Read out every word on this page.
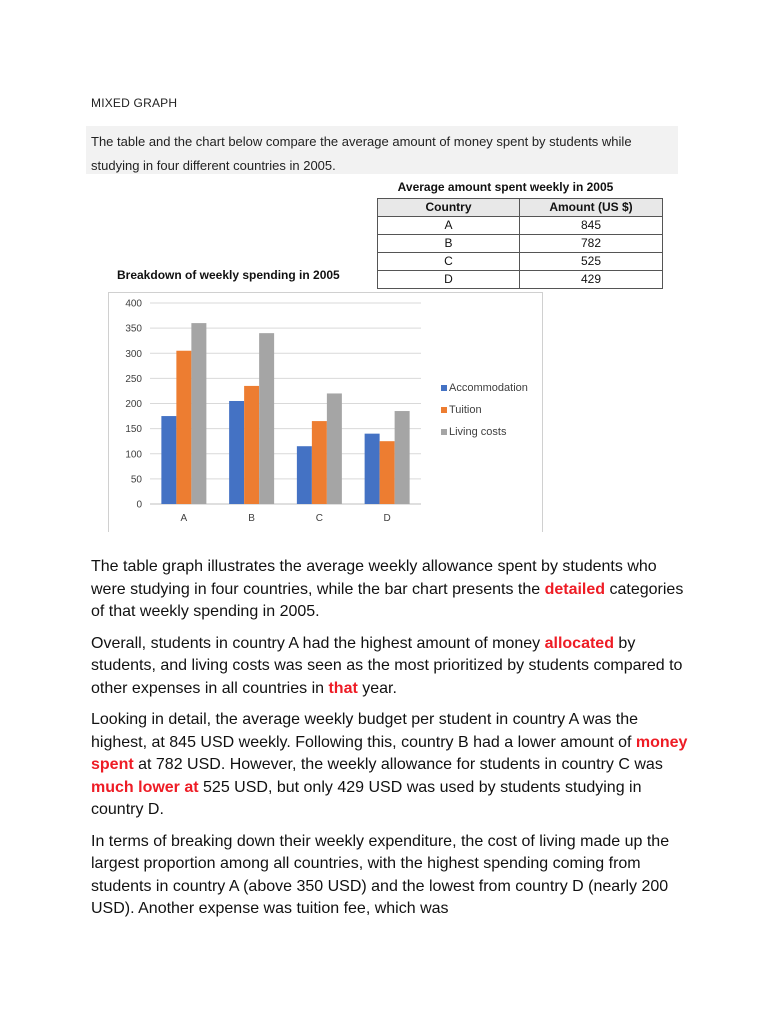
MIXED GRAPH
The table and the chart below compare the average amount of money spent by students while studying in four different countries in 2005.
Average amount spent weekly in 2005
Country	Amount (US $)
A	845
B	782
C	525
D	429
Breakdown of weekly spending in 2005
0
50
100
150
200
250
300
350
400
A	B	C	D
Accommodation
Tuition
Living costs

The table graph illustrates the average weekly allowance spent by students who were studying in four countries, while the bar chart presents the detailed categories of that weekly spending in 2005.

Overall, students in country A had the highest amount of money allocated by students, and living costs was seen as the most prioritized by students compared to other expenses in all countries in that year.

Looking in detail, the average weekly budget per student in country A was the highest, at 845 USD weekly. Following this, country B had a lower amount of money spent at 782 USD. However, the weekly allowance for students in country C was much lower at 525 USD, but only 429 USD was used by students studying in country D.

In terms of breaking down their weekly expenditure, the cost of living made up the largest proportion among all countries, with the highest spending coming from students in country A (above 350 USD) and the lowest from country D (nearly 200 USD). Another expense was tuition fee, which was
